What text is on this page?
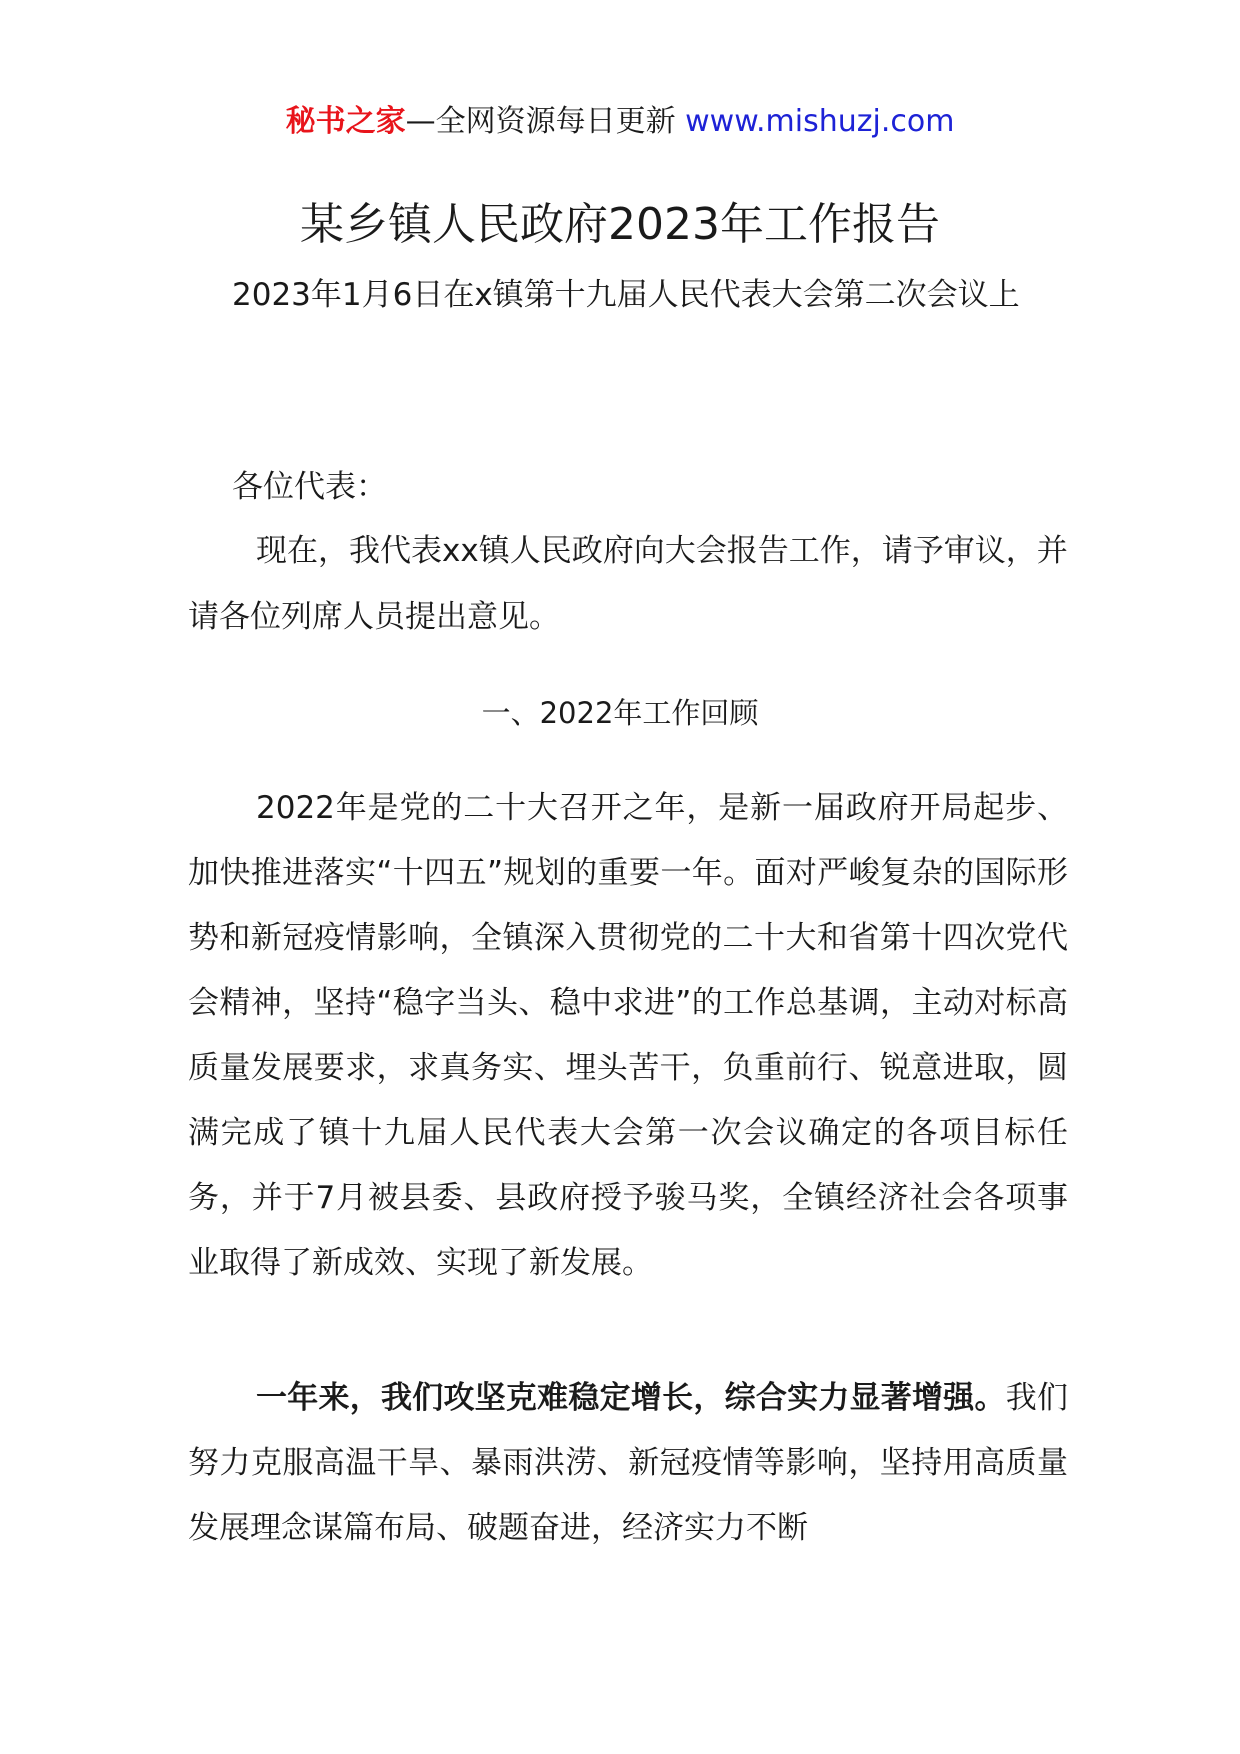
秘书之家—全网资源每日更新 www.mishuzj.com
某乡镇人民政府2023年工作报告
2023年1月6日在x镇第十九届人民代表大会第二次会议上
各位代表：
现在，我代表xx镇人民政府向大会报告工作，请予审议，并请各位列席人员提出意见。
一、2022年工作回顾
2022年是党的二十大召开之年，是新一届政府开局起步、加快推进落实“十四五”规划的重要一年。面对严峻复杂的国际形势和新冠疫情影响，全镇深入贯彻党的二十大和省第十四次党代会精神，坚持“稳字当头、稳中求进”的工作总基调，主动对标高质量发展要求，求真务实、埋头苦干，负重前行、锐意进取，圆满完成了镇十九届人民代表大会第一次会议确定的各项目标任务，并于7月被县委、县政府授予骏马奖，全镇经济社会各项事业取得了新成效、实现了新发展。
一年来，我们攻坚克难稳定增长，综合实力显著增强。我们努力克服高温干旱、暴雨洪涝、新冠疫情等影响，坚持用高质量发展理念谋篇布局、破题奋进，经济实力不断
